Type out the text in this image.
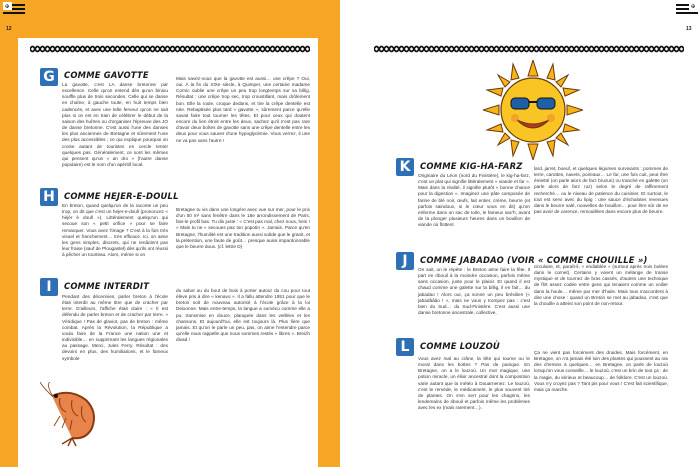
✠
12
G	COMME GAVOTTE

La gavotte, c'est LA danse bretonne par excellence. Celle qu'on entend dès qu'un biniou souffle plus de trois secondes. Celle qui se danse en chaîne, à gauche toute, en huit temps bien cadencés, et avec une telle ferveur qu'on ne sait plus si on est en train de célébrer le début de la saison des huîtres ou d'organiser l'épreuve des JO de danse bretonne. C'est aussi l'une des danses les plus anciennes de Bretagne et sûrement l'une des plus accessibles ; ce qui explique pourquoi on croise autant de touristes en cercle tenter quelques pas. Généralement, ce sont les mêmes qui pensent qu'un « an dro » (l'autre danse populaire) est le nom d'un apéritif local.

Mais savez-vous que la gavotte est aussi… une crêpe ? Oui, oui. À la fin du XIXe siècle, à Quimper, une certaine madame Cornic oublie une crêpe un peu trop longtemps sur sa billig. Résultat : une crêpe trop sec, trop croustillant, mais drôlement bon. Elle la roule, croque dedans, et tire la crêpe dentelle est née. Rebaptisée plus tard « gavotte », sûrement parce qu'elle savait faire tout tourner les têtes. Et pour ceux qui doutent encore du lien étroit entre les deux, sachez qu'il n'est pas rare d'avoir deux boîtes de gavotte sans une crêpe dentelle entre les deux pour vous sauver d'une hypoglycémie. Vous verrez, il une ne va pas sans l'autre !

H	COMME HEJER-E-DOULL

En breton, quand quelqu'un de la raconte un peu trop, on dit que c'est un hejer-e-doull (prononcez « hèjèr è doull »). Littéralement quelqu'un qui secoue son « petit orifice » pour se faire remarquer. Vous avez l'image ? C'est à la fois très visuel et franchement… très efficace. Ici, on aime les gens simples, discrets, qui ne renâclent pas leur fraise (sauf de Plougastel) dès qu'ils ont réussi à pêcher un tourteau. Alors, méme si on

Bretagne tu vis dans une longère avec vue sur mer, pour le prix d'un 50 m² sans fenêtre dans le 18e arrondissement de Paris, fais-le profil bas. Tu dis juste : « C'est pas mal, chez nous, hein ! » Mais tu ne « secoues pas ton popotin ». Jamais. Parce qu'en Bretagne, l'humilité est une tradition aussi solide que le granit, et la prétention, une faute de goût… presque aussi impardonnable que le beurre doux. (cf. lettre D)

I	COMME INTERDIT

Pendant des décennies, parler breton à l'école était interdit au même titre que de cracher par terre. D'ailleurs, l'affiche était claire : « Il est défendu de parler breton et de cracher par terre. » Véridique ! Pas de glaviot, pas de breton : même combat. Après la Révolution, la République a voulu faire de la France une nation une et indivisible… en supprimant les langues régionales au passage. Merci, Jules Ferry. Résultat : des devoirs en plus, des humiliations, et le fameux symbole

du sabot ou du bout de bois à porter autour du cou pour tout élève pris à dire « kenavo ». Il a fallu attendre 1951 pour que le breton soit de nouveau autorisé à l'école grâce à la loi Deixonne. Mais entre-temps, la langue a survécu comme elle a pu, transmise en douce, planquée dans les veillées et les chansons. Et aujourd'hui, elle est toujours là. Plus fière que jamais. Et qu'on le parle un peu, pas, on aime l'entendre parce qu'elle nous rappelle que nous sommes restés « libres ». Breizh divad !

✠
13
K	COMME KIG-HA-FARZ

Originaire du Léon (nord du Finistère), le kig-ha-farz, c'est un plat qui signifie littéralement « viande et far ». Mais dans la réalité, il signifie plutôt « bonne chance pour la digestion ». Imaginez une pâte composée de farine de blé noir, œufs, lait entier, crème, beurre (et parfois saindoux, si le cœur vous en dit) qu'on enferme dans un sac de toile, le fameux sac'h, avant de la plonger plusieurs heures dans un bouillon de viande où flottent

lard, jarret, boeuf, et quelques légumes survivants : pommes de terre, carottes, navets, poireaux… Le far, une fois cuit, peut être émietté (on parle alors de farz bruzun) ou tranché en galette (on parle alors de farz ruz) selon le degré de raffinement recherché… ou le niveau de patience du cuisinier. Et surtout, le tout est servi avec du lipig : une sauce d'échalotes revenues dans le beurre salé, nouvelles de bouillon… pour être sûr de ne pas avoir de carence, remouillées dans encore plus de beurre.

J	COMME JABADAO (VOIR « COMME CHOUILLE »)

On sait, on le répète : le Breton aime faire la fête. Il part en ribouil à la moindre occasion, parfois même sans occasion, juste pour le plaisir. Et quand il est chaud comme une galette sur la billig, il en fait… du jabadao ! Alors oui, ça sonne un peu brésilien (« jabadâââo ! », mais ne vous y trompez pas : c'est bien du Sud… du Sud-Finistère. C'est aussi une danse bretonne ancestrale, collective,

circulaire, et, paraît-il, « endiablée » (surtout après trois bolées dans le cornet). Certains y voient un mélange de transe mystique et de tournez de bras cassés, d'autres une technique de flirt assez codée entre gens qui tenaient comme un voilier dans la houle… même par mer d'huile. Mais tous s'accordent à dire une chose : quand un Breton se met au jabadao, c'est que la chouille a atteint son point de non-retour.

L	COMME LOUZOÙ

Vous avez mal au crâne, la tête qui tourne ou le moral dans les bottes ? Pas de panique. En Bretagne, on a le louzoù. Un mot magique, une potion miracle, un élixir ancestral dont la composition varie autant que la météo à Douarnenez. Le louzoù, c'est le remède, le médicament, le plus souvent tiré de plantes. On s'en sert pour les chagrins, les lendemains de ribouil et parfois même les problèmes avec les ex (mais rarement…).

Ça ne vient pas forcément des druides. Mais forcément, en Bretagne, on n'a jamais été loin des plantes qui poussent au ras des chemins à quelques… en Bretagne, on parle de louzoù lorsqu'on vous conseille… le louzoù, c'est un brin de tout ça : de la magie, du sérieux et beaucoup… de folklore. C'est un louzoù. Vous n'y croyez pas ? Tant pis pour vous ! C'est fait scientifique, mais ça marche.
